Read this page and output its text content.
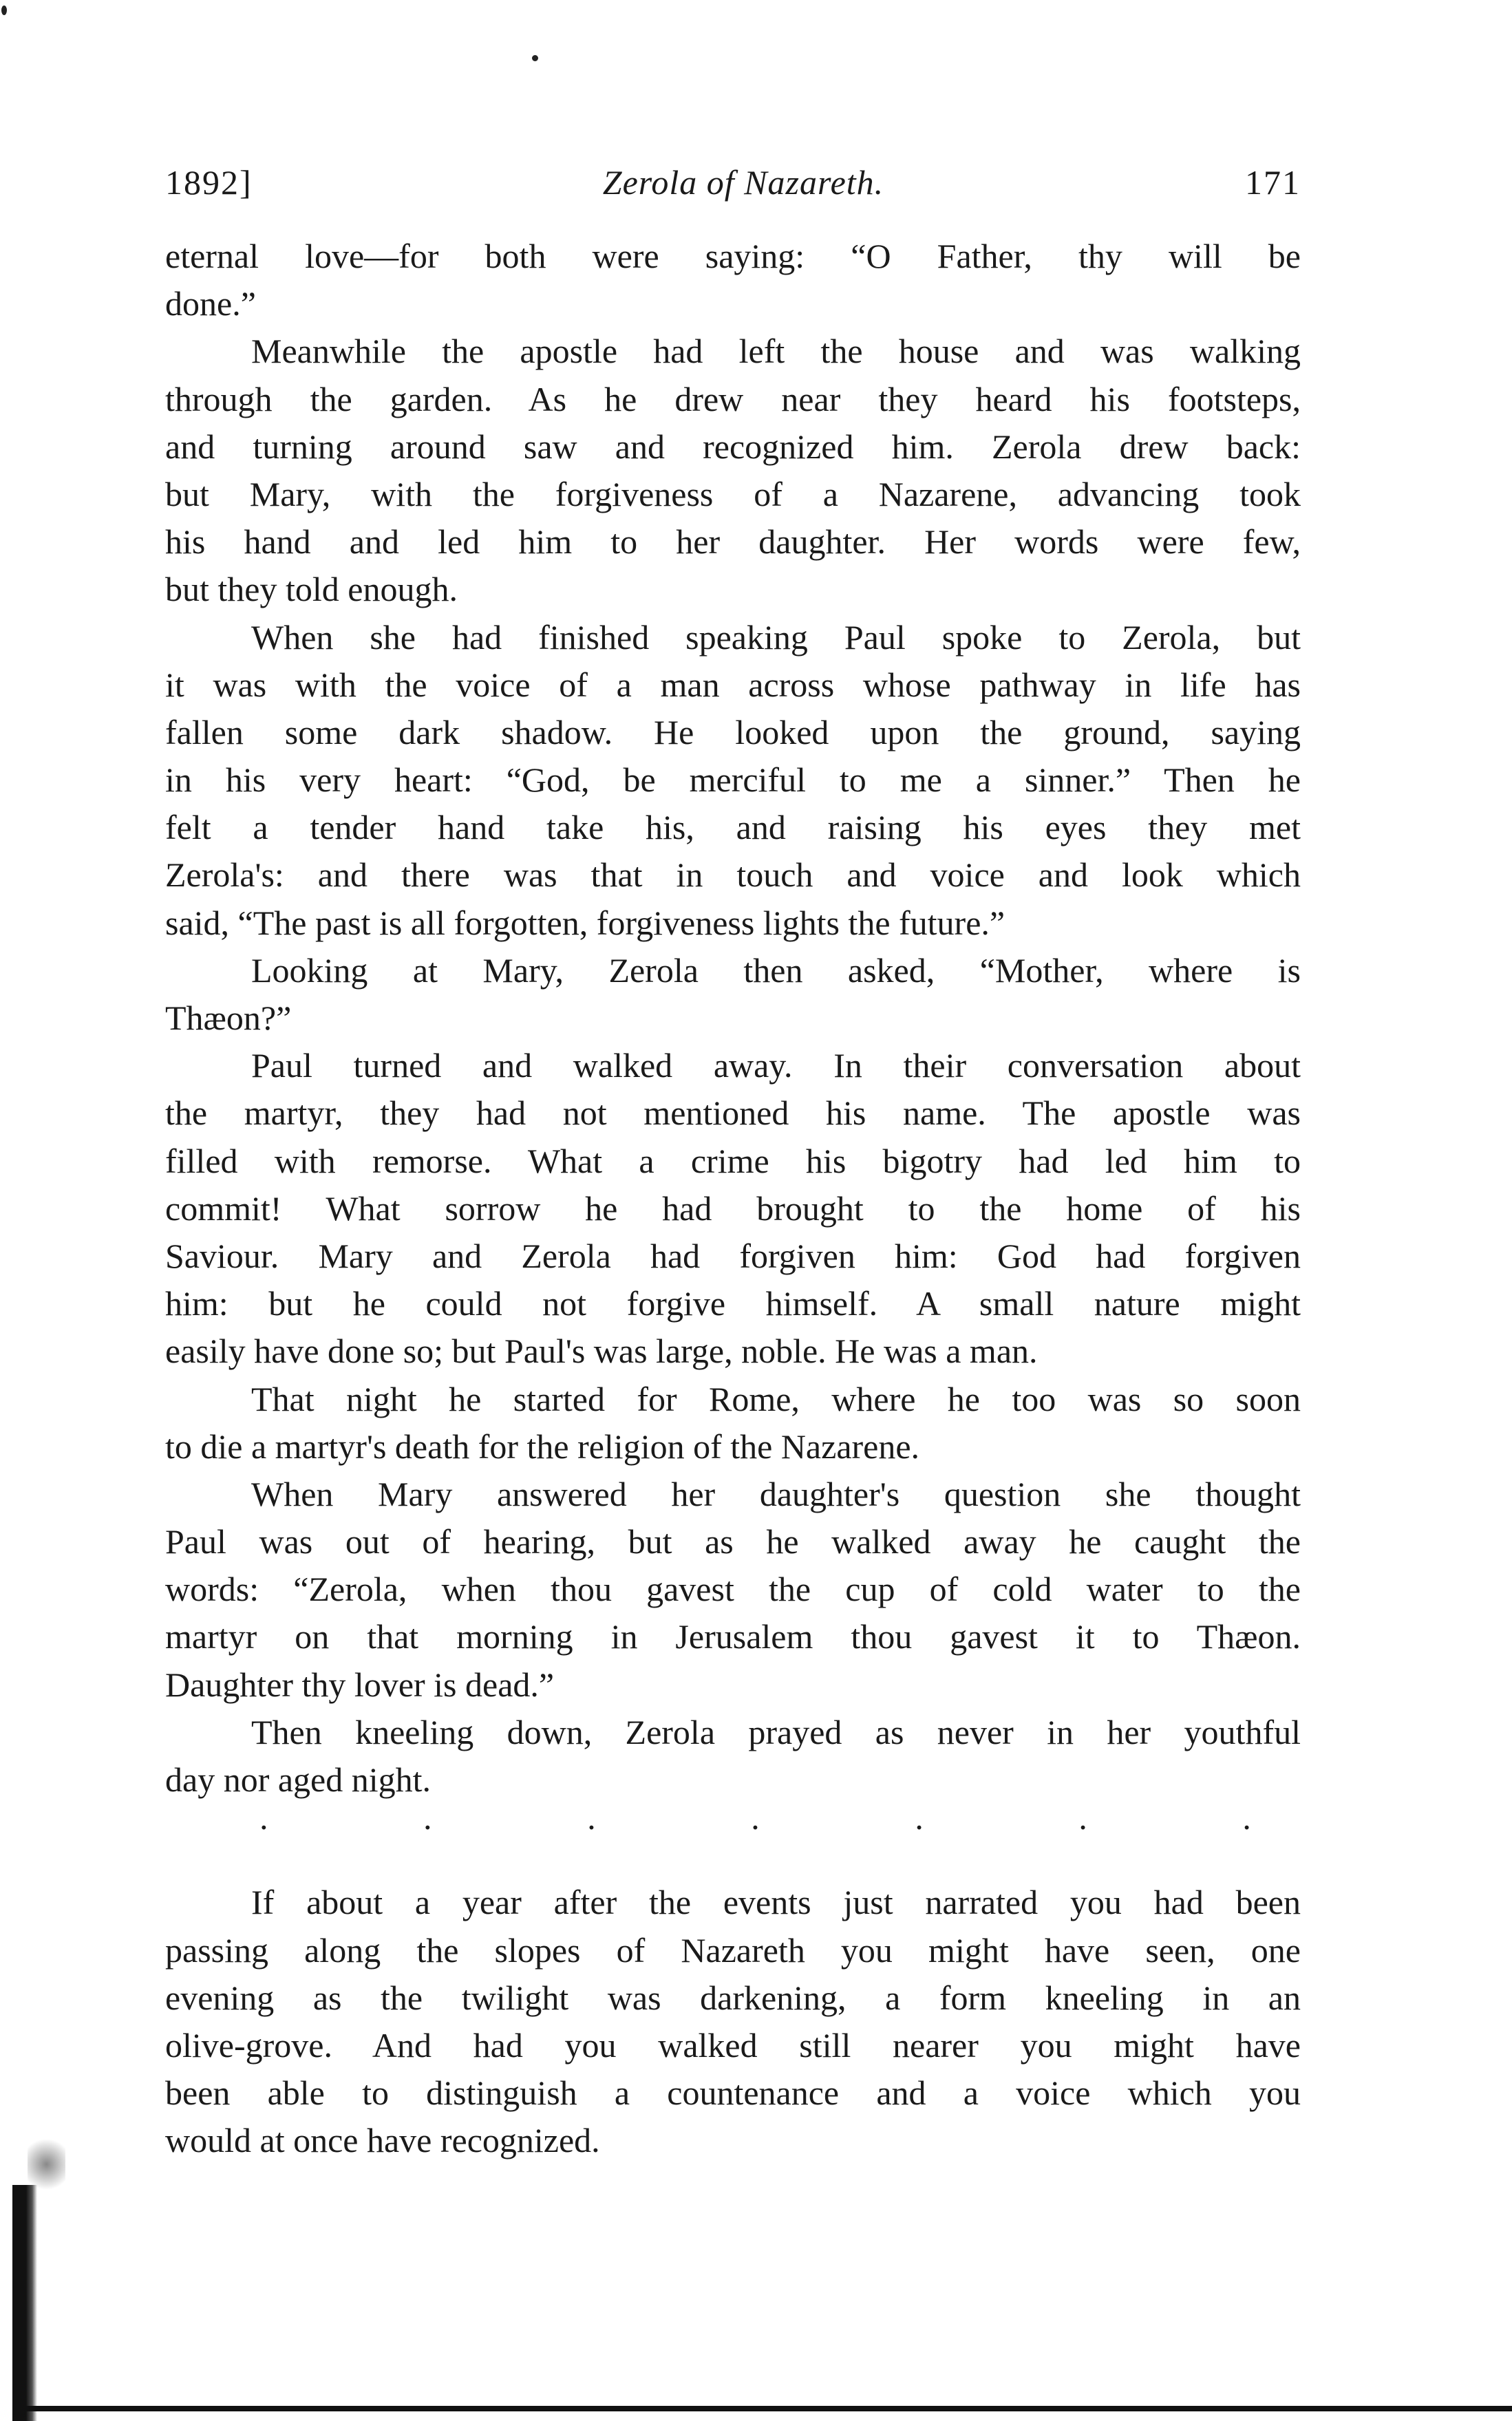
1892]	Zerola of Nazareth.	171
eternal love—for both were saying: “O Father, thy will be
done.”
Meanwhile the apostle had left the house and was walking
through the garden. As he drew near they heard his footsteps,
and turning around saw and recognized him. Zerola drew back:
but Mary, with the forgiveness of a Nazarene, advancing took
his hand and led him to her daughter. Her words were few,
but they told enough.
When she had finished speaking Paul spoke to Zerola, but
it was with the voice of a man across whose pathway in life has
fallen some dark shadow. He looked upon the ground, saying
in his very heart: “God, be merciful to me a sinner.” Then he
felt a tender hand take his, and raising his eyes they met
Zerola's: and there was that in touch and voice and look which
said, “The past is all forgotten, forgiveness lights the future.”
Looking at Mary, Zerola then asked, “Mother, where is
Thæon?”
Paul turned and walked away. In their conversation about
the martyr, they had not mentioned his name. The apostle was
filled with remorse. What a crime his bigotry had led him to
commit! What sorrow he had brought to the home of his
Saviour. Mary and Zerola had forgiven him: God had forgiven
him: but he could not forgive himself. A small nature might
easily have done so; but Paul's was large, noble. He was a man.
That night he started for Rome, where he too was so soon
to die a martyr's death for the religion of the Nazarene.
When Mary answered her daughter's question she thought
Paul was out of hearing, but as he walked away he caught the
words: “Zerola, when thou gavest the cup of cold water to the
martyr on that morning in Jerusalem thou gavest it to Thæon.
Daughter thy lover is dead.”
Then kneeling down, Zerola prayed as never in her youthful
day nor aged night.
·	·	·	·	·	·	·
If about a year after the events just narrated you had been
passing along the slopes of Nazareth you might have seen, one
evening as the twilight was darkening, a form kneeling in an
olive-grove. And had you walked still nearer you might have
been able to distinguish a countenance and a voice which you
would at once have recognized.
